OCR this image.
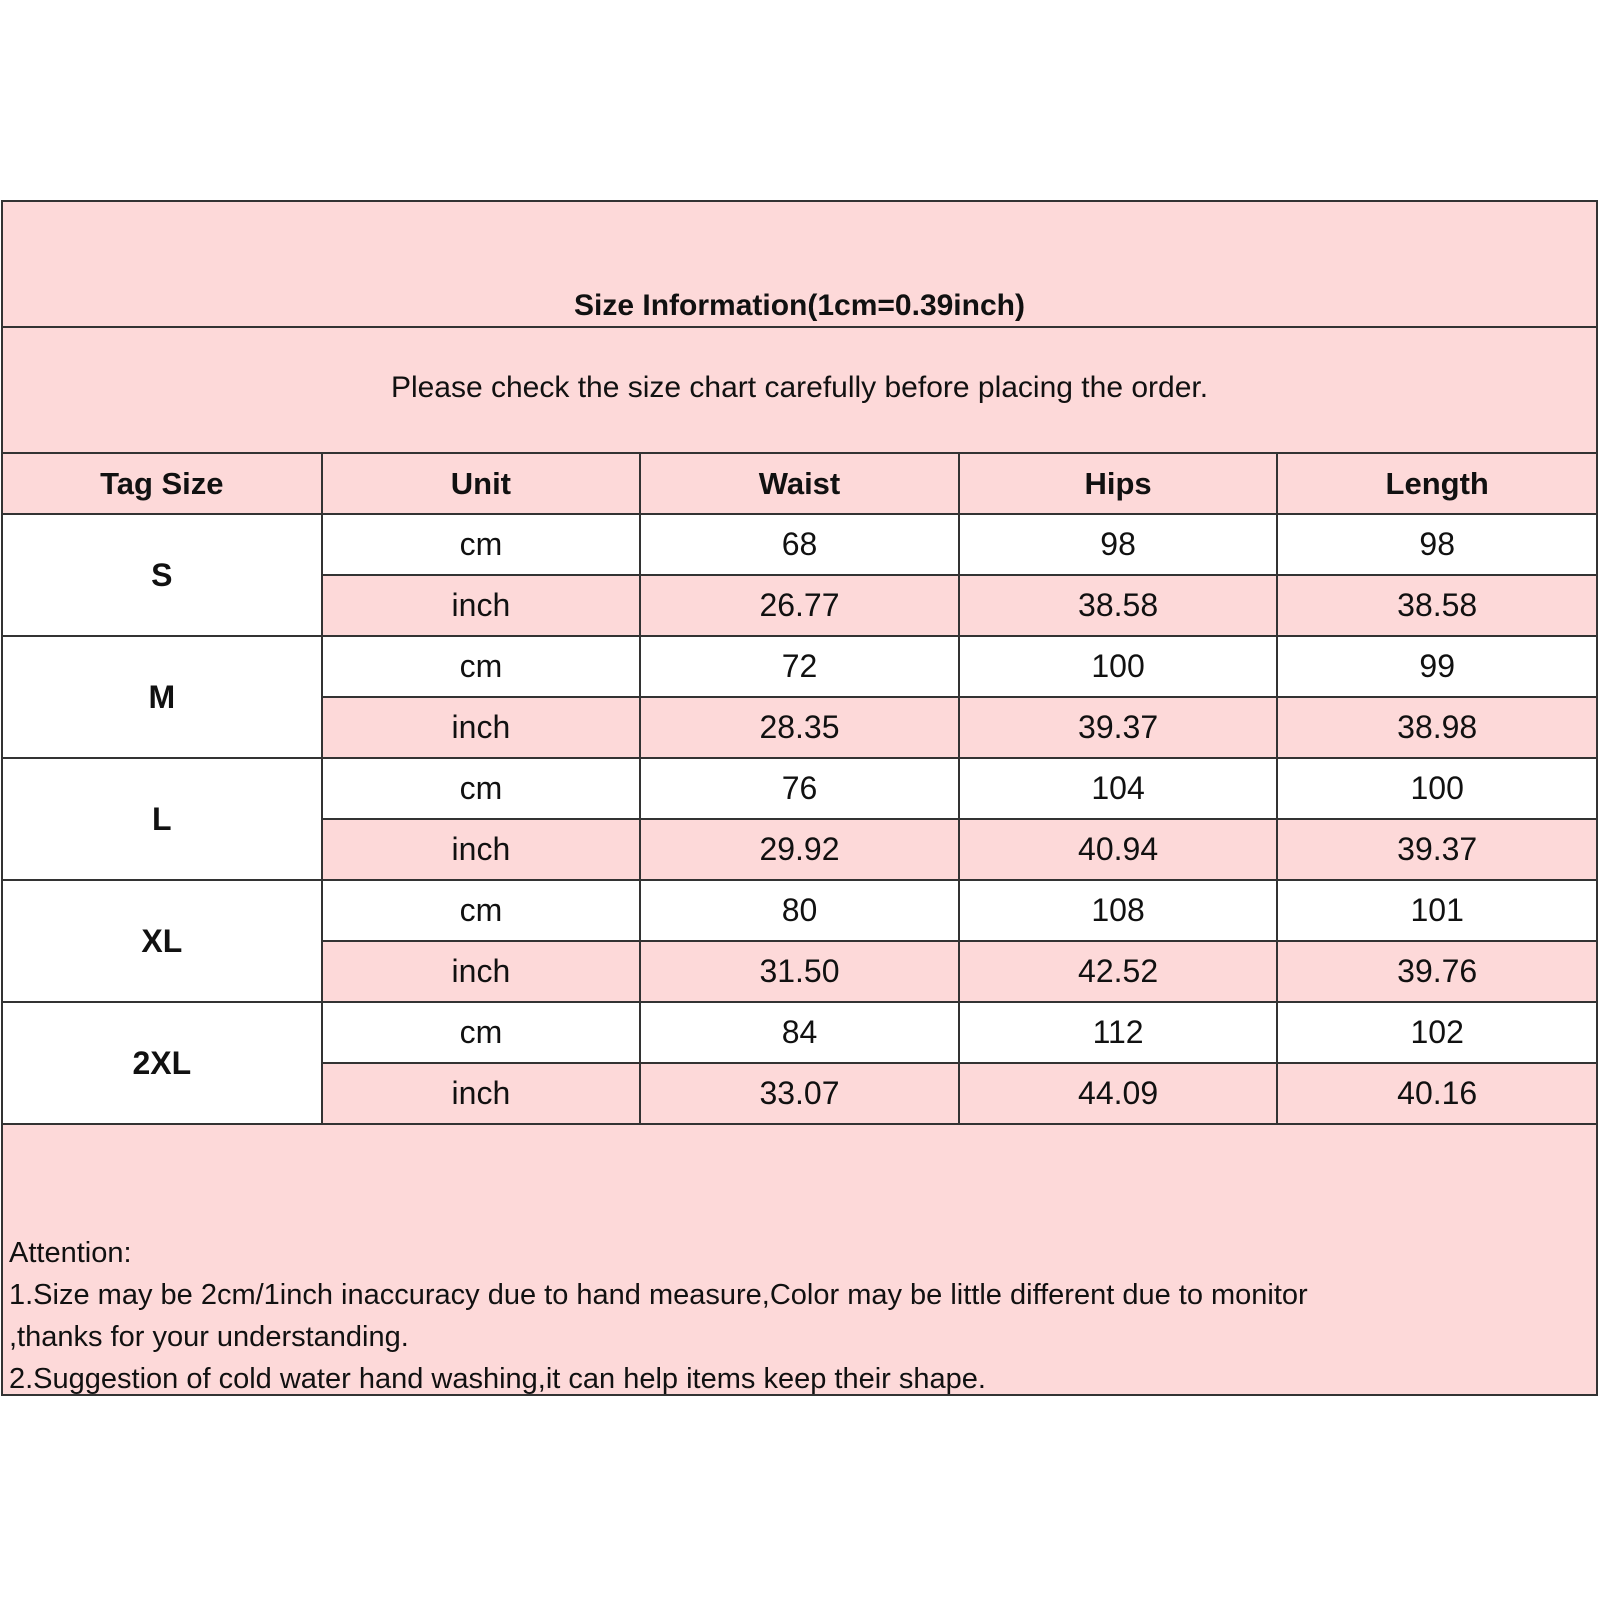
Size Information(1cm=0.39inch)
Please check the size chart carefully before placing the order.
Tag Size	Unit	Waist	Hips	Length
S	cm	68	98	98
	inch	26.77	38.58	38.58
M	cm	72	100	99
	inch	28.35	39.37	38.98
L	cm	76	104	100
	inch	29.92	40.94	39.37
XL	cm	80	108	101
	inch	31.50	42.52	39.76
2XL	cm	84	112	102
	inch	33.07	44.09	40.16
Attention:
1.Size may be 2cm/1inch inaccuracy due to hand measure,Color may be little different due to monitor
,thanks for your understanding.
2.Suggestion of cold water hand washing,it can help items keep their shape.
